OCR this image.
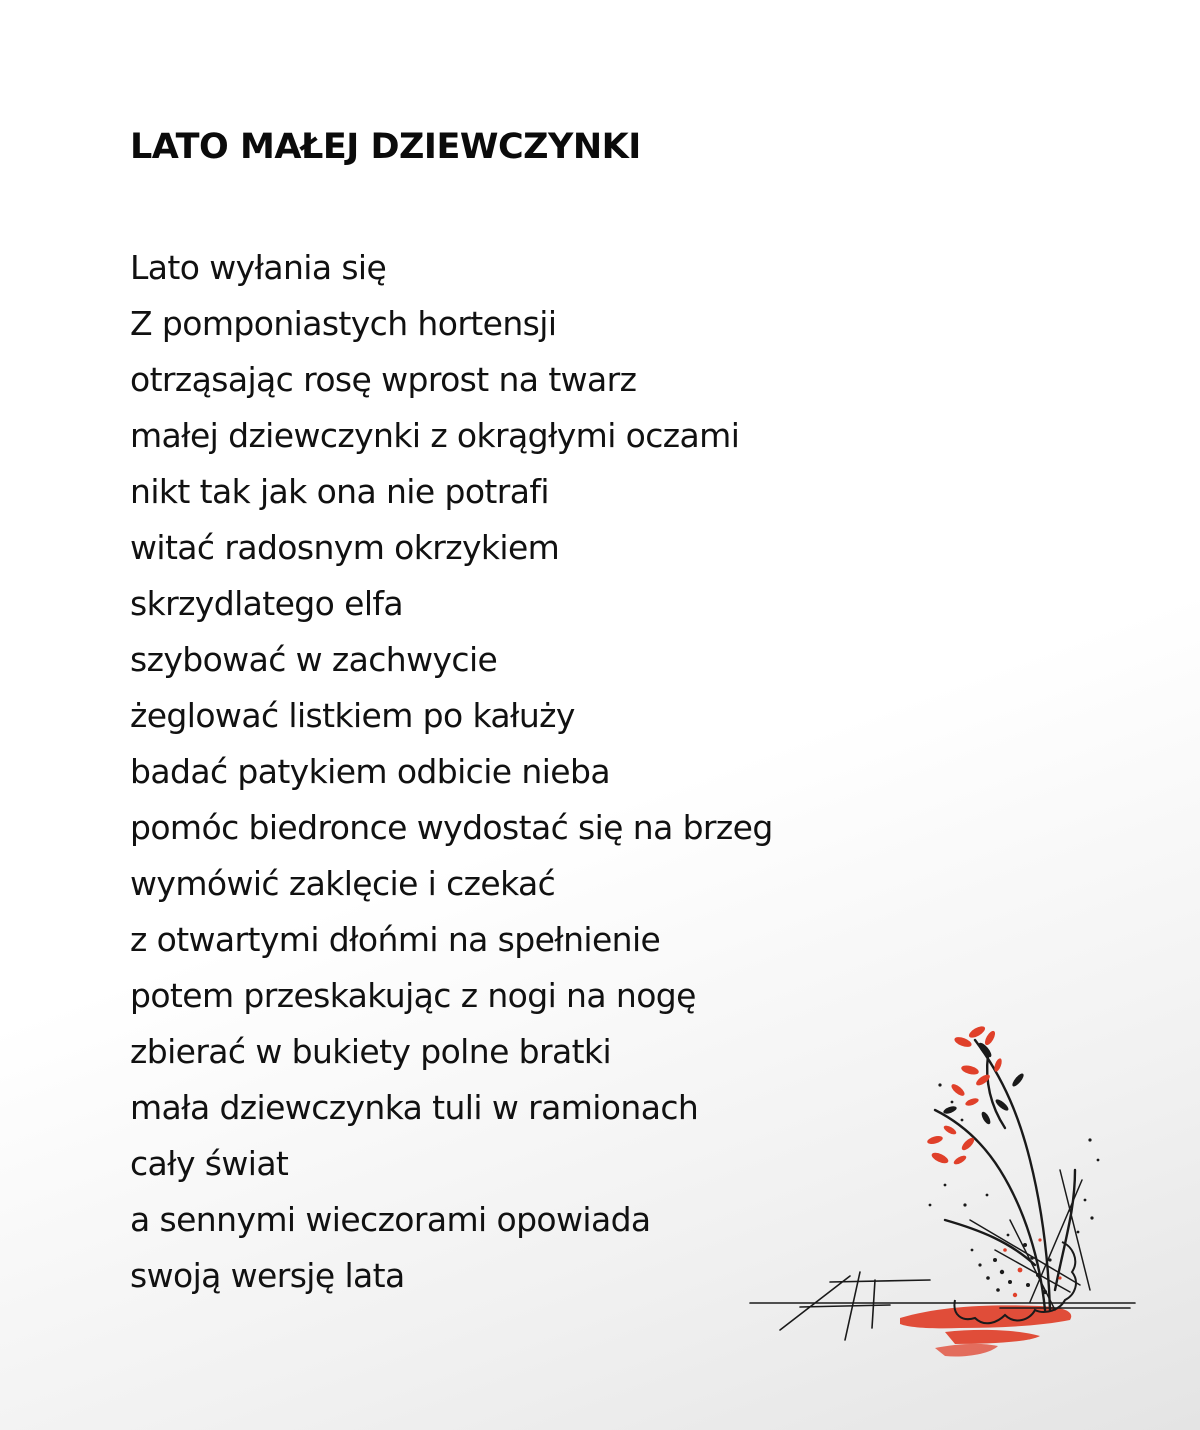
LATO MAŁEJ DZIEWCZYNKI
Lato wyłania się
Z pomponiastych hortensji
otrząsając rosę wprost na twarz
małej dziewczynki z okrągłymi oczami
nikt tak jak ona nie potrafi
witać radosnym okrzykiem
skrzydlatego elfa
szybować w zachwycie
żeglować listkiem po kałuży
badać patykiem odbicie nieba
pomóc biedronce wydostać się na brzeg
wymówić zaklęcie i czekać
z otwartymi dłońmi na spełnienie
potem przeskakując z nogi na nogę
zbierać w bukiety polne bratki
mała dziewczynka tuli w ramionach
cały świat
a sennymi wieczorami opowiada
swoją wersję lata
